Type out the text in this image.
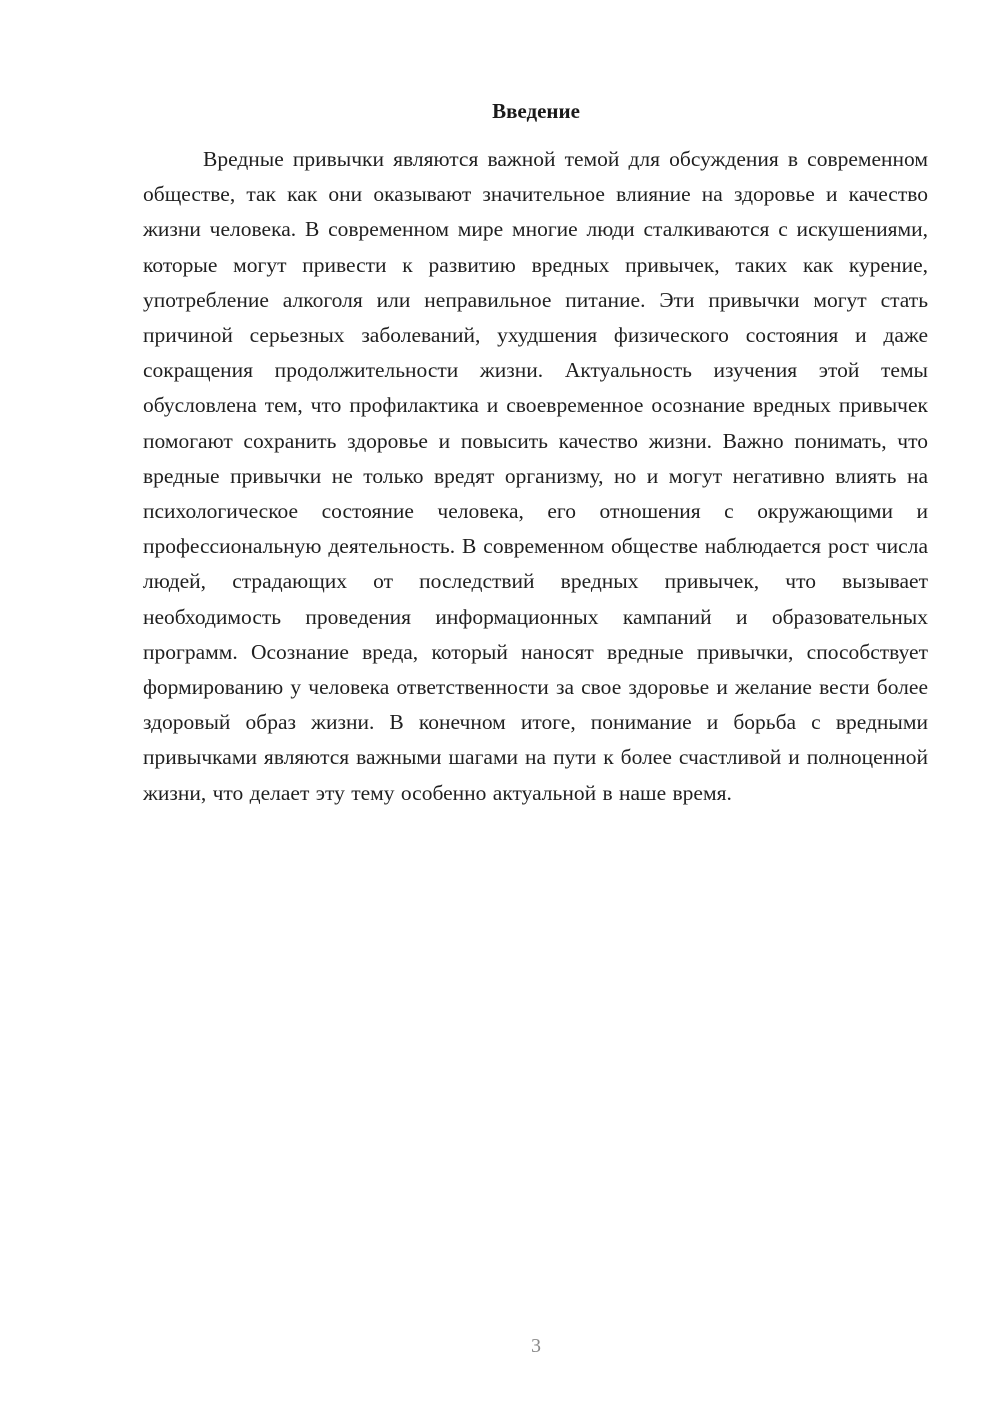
Введение

Вредные привычки являются важной темой для обсуждения в современном обществе, так как они оказывают значительное влияние на здоровье и качество жизни человека. В современном мире многие люди сталкиваются с искушениями, которые могут привести к развитию вредных привычек, таких как курение, употребление алкоголя или неправильное питание. Эти привычки могут стать причиной серьезных заболеваний, ухудшения физического состояния и даже сокращения продолжительности жизни. Актуальность изучения этой темы обусловлена тем, что профилактика и своевременное осознание вредных привычек помогают сохранить здоровье и повысить качество жизни. Важно понимать, что вредные привычки не только вредят организму, но и могут негативно влиять на психологическое состояние человека, его отношения с окружающими и профессиональную деятельность. В современном обществе наблюдается рост числа людей, страдающих от последствий вредных привычек, что вызывает необходимость проведения информационных кампаний и образовательных программ. Осознание вреда, который наносят вредные привычки, способствует формированию у человека ответственности за свое здоровье и желание вести более здоровый образ жизни. В конечном итоге, понимание и борьба с вредными привычками являются важными шагами на пути к более счастливой и полноценной жизни, что делает эту тему особенно актуальной в наше время.

3
